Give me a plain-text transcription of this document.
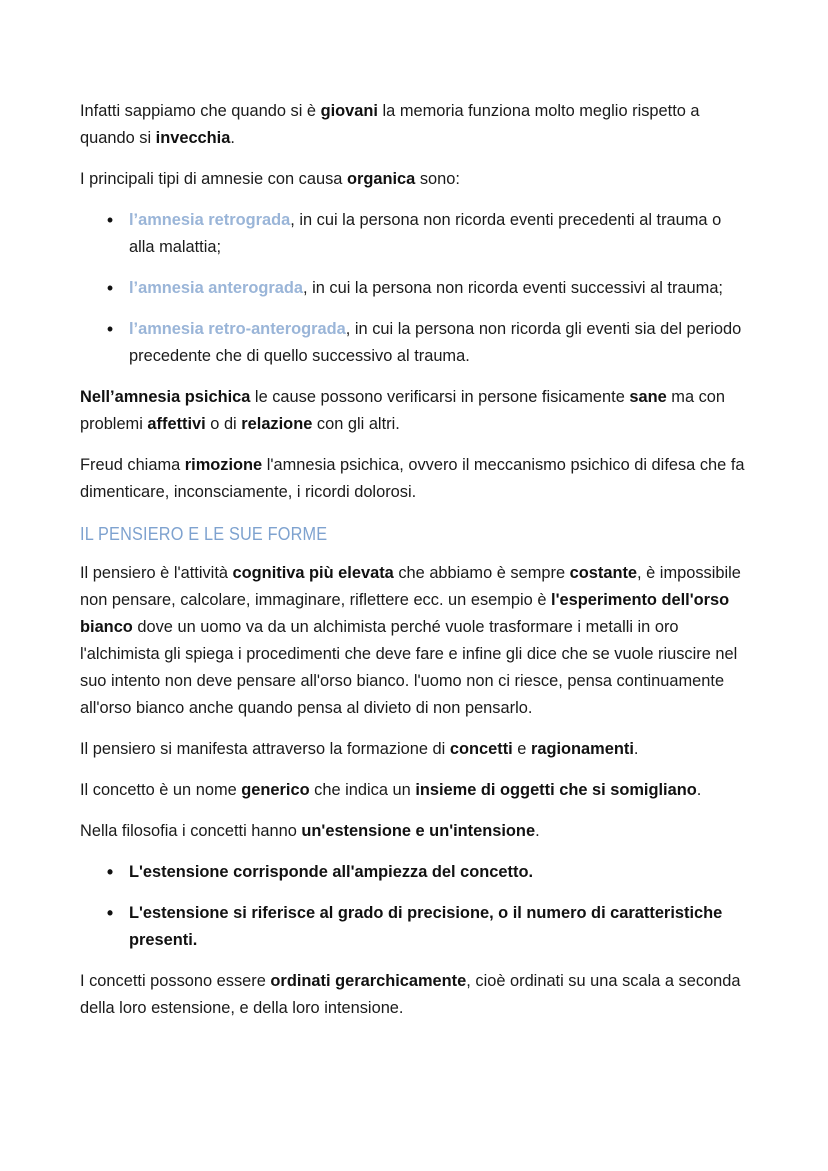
Infatti sappiamo che quando si è giovani la memoria funziona molto meglio rispetto a quando si invecchia.

I principali tipi di amnesie con causa organica sono:

• l’amnesia retrograda, in cui la persona non ricorda eventi precedenti al trauma o alla malattia;
• l’amnesia anterograda, in cui la persona non ricorda eventi successivi al trauma;
• l’amnesia retro-anterograda, in cui la persona non ricorda gli eventi sia del periodo precedente che di quello successivo al trauma.

Nell’amnesia psichica le cause possono verificarsi in persone fisicamente sane ma con problemi affettivi o di relazione con gli altri.

Freud chiama rimozione l'amnesia psichica, ovvero il meccanismo psichico di difesa che fa dimenticare, inconsciamente, i ricordi dolorosi.

IL PENSIERO E LE SUE FORME

Il pensiero è l'attività cognitiva più elevata che abbiamo è sempre costante, è impossibile non pensare, calcolare, immaginare, riflettere ecc. un esempio è l'esperimento dell'orso bianco dove un uomo va da un alchimista perché vuole trasformare i metalli in oro l'alchimista gli spiega i procedimenti che deve fare e infine gli dice che se vuole riuscire nel suo intento non deve pensare all'orso bianco. l'uomo non ci riesce, pensa continuamente all'orso bianco anche quando pensa al divieto di non pensarlo.

Il pensiero si manifesta attraverso la formazione di concetti e ragionamenti.

Il concetto è un nome generico che indica un insieme di oggetti che si somigliano.

Nella filosofia i concetti hanno un'estensione e un'intensione.

• L'estensione corrisponde all'ampiezza del concetto.
• L'estensione si riferisce al grado di precisione, o il numero di caratteristiche presenti.

I concetti possono essere ordinati gerarchicamente, cioè ordinati su una scala a seconda della loro estensione, e della loro intensione.
